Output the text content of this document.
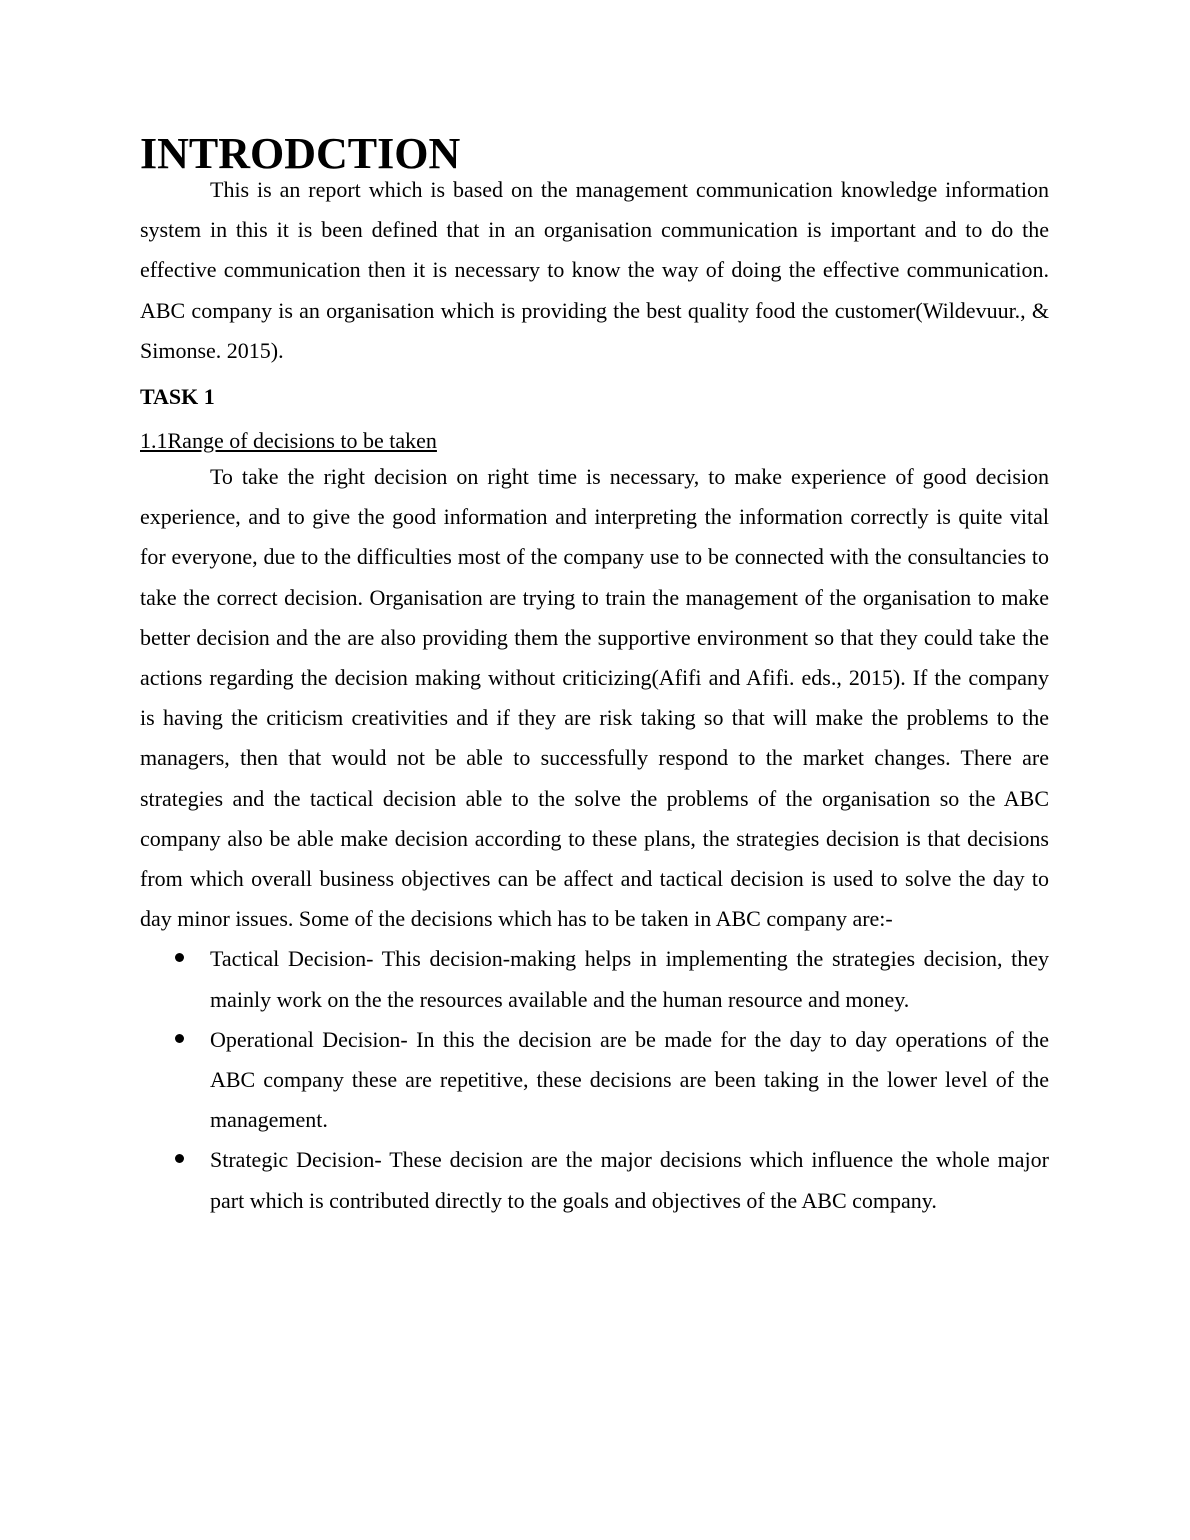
INTRODCTION

This is an report which is based on the management communication knowledge information system in this it is been defined that in an organisation communication is important and to do the effective communication then it is necessary to know the way of doing the effective communication. ABC company is an organisation which is providing the best quality food the customer(Wildevuur., & Simonse. 2015).

TASK 1

1.1Range of decisions to be taken

To take the right decision on right time is necessary, to make experience of good decision experience, and to give the good information and interpreting the information correctly is quite vital for everyone, due to the difficulties most of the company use to be connected with the consultancies to take the correct decision. Organisation are trying to train the management of the organisation to make better decision and the are also providing them the supportive environment so that they could take the actions regarding the decision making without criticizing(Afifi and Afifi. eds., 2015). If the company is having the criticism creativities and if they are risk taking so that will make the problems to the managers, then that would not be able to successfully respond to the market changes. There are strategies and the tactical decision able to the solve the problems of the organisation so the ABC company also be able make decision according to these plans, the strategies decision is that decisions from which overall business objectives can be affect and tactical decision is used to solve the day to day minor issues. Some of the decisions which has to be taken in ABC company are:-

Tactical Decision- This decision-making helps in implementing the strategies decision, they mainly work on the the resources available and the human resource and money.
Operational Decision- In this the decision are be made for the day to day operations of the ABC company these are repetitive, these decisions are been taking in the lower level of the management.
Strategic Decision- These decision are the major decisions which influence the whole major part which is contributed directly to the goals and objectives of the ABC company.
